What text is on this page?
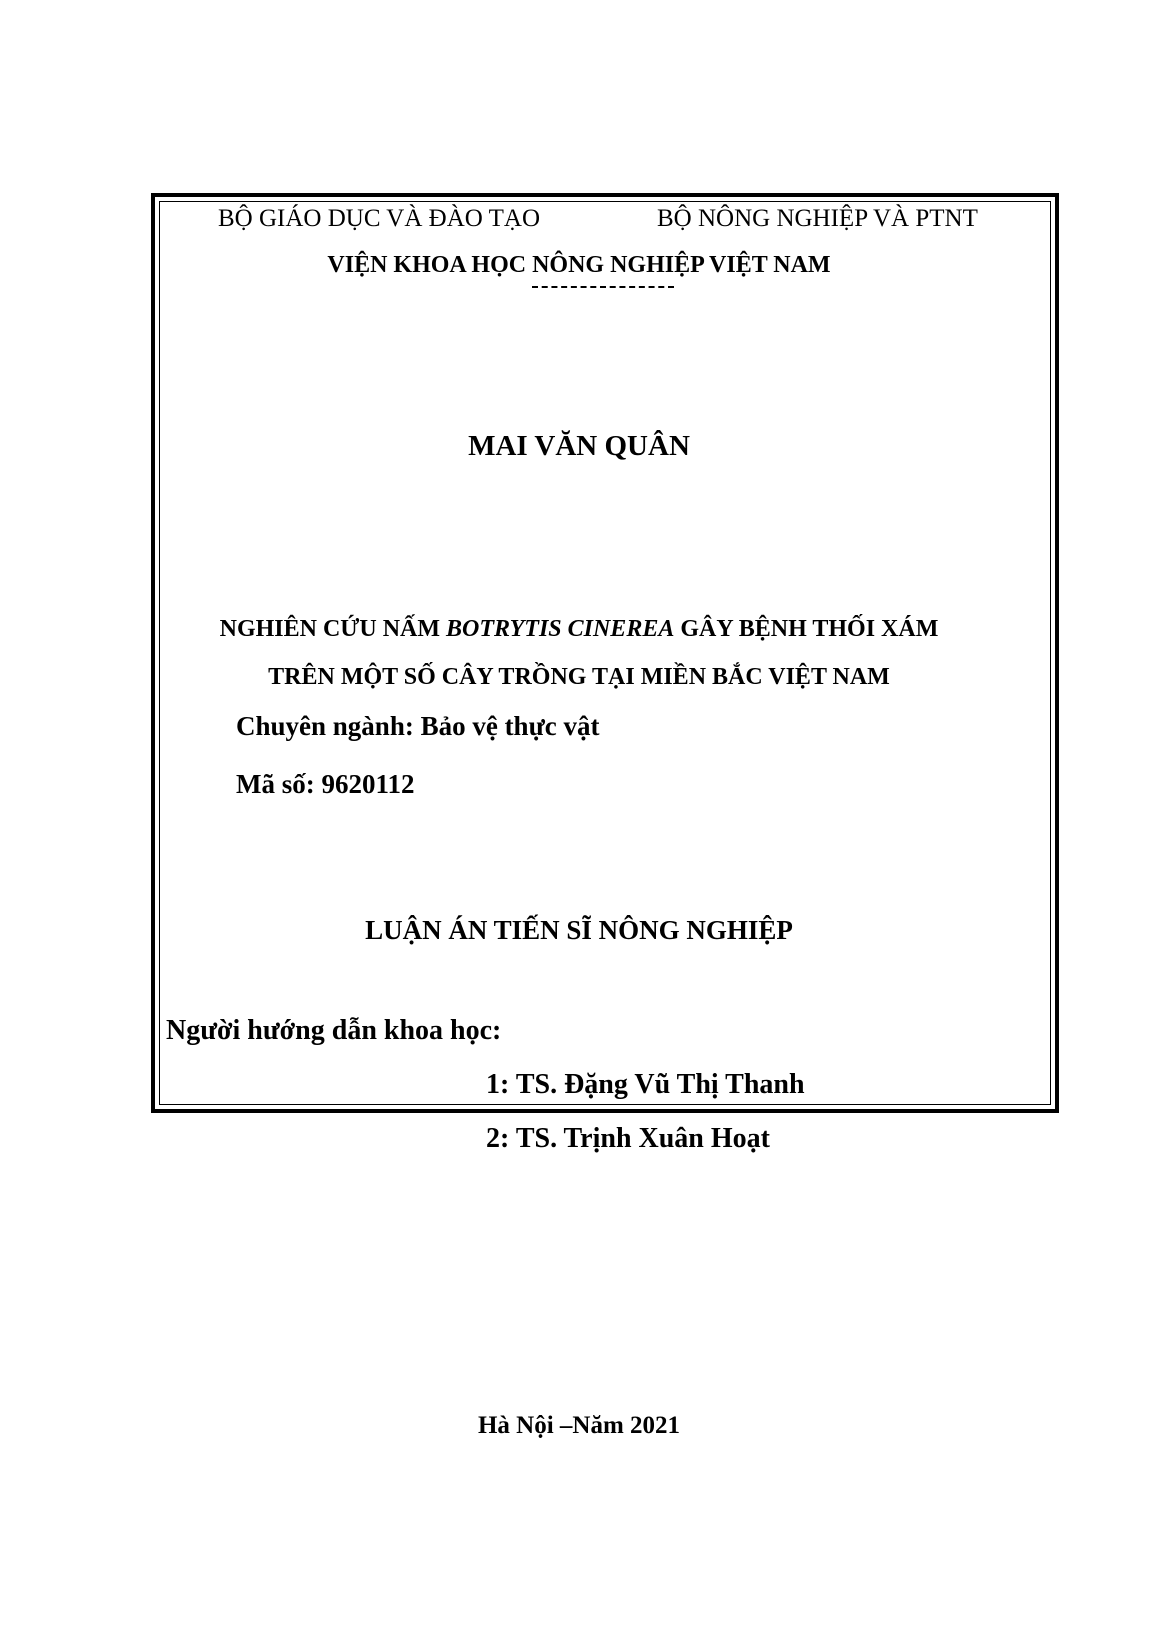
BỘ GIÁO DỤC VÀ ĐÀO TẠO	BỘ NÔNG NGHIỆP VÀ PTNT
VIỆN KHOA HỌC NÔNG NGHIỆP VIỆT NAM
MAI VĂN QUÂN
NGHIÊN CỨU NẤM BOTRYTIS CINEREA GÂY BỆNH THỐI XÁM
TRÊN MỘT SỐ CÂY TRỒNG TẠI MIỀN BẮC VIỆT NAM
Chuyên ngành: Bảo vệ thực vật
Mã số: 9620112
LUẬN ÁN TIẾN SĨ NÔNG NGHIỆP
Người hướng dẫn khoa học:
1: TS. Đặng Vũ Thị Thanh
2: TS. Trịnh Xuân Hoạt
Hà Nội –Năm 2021
